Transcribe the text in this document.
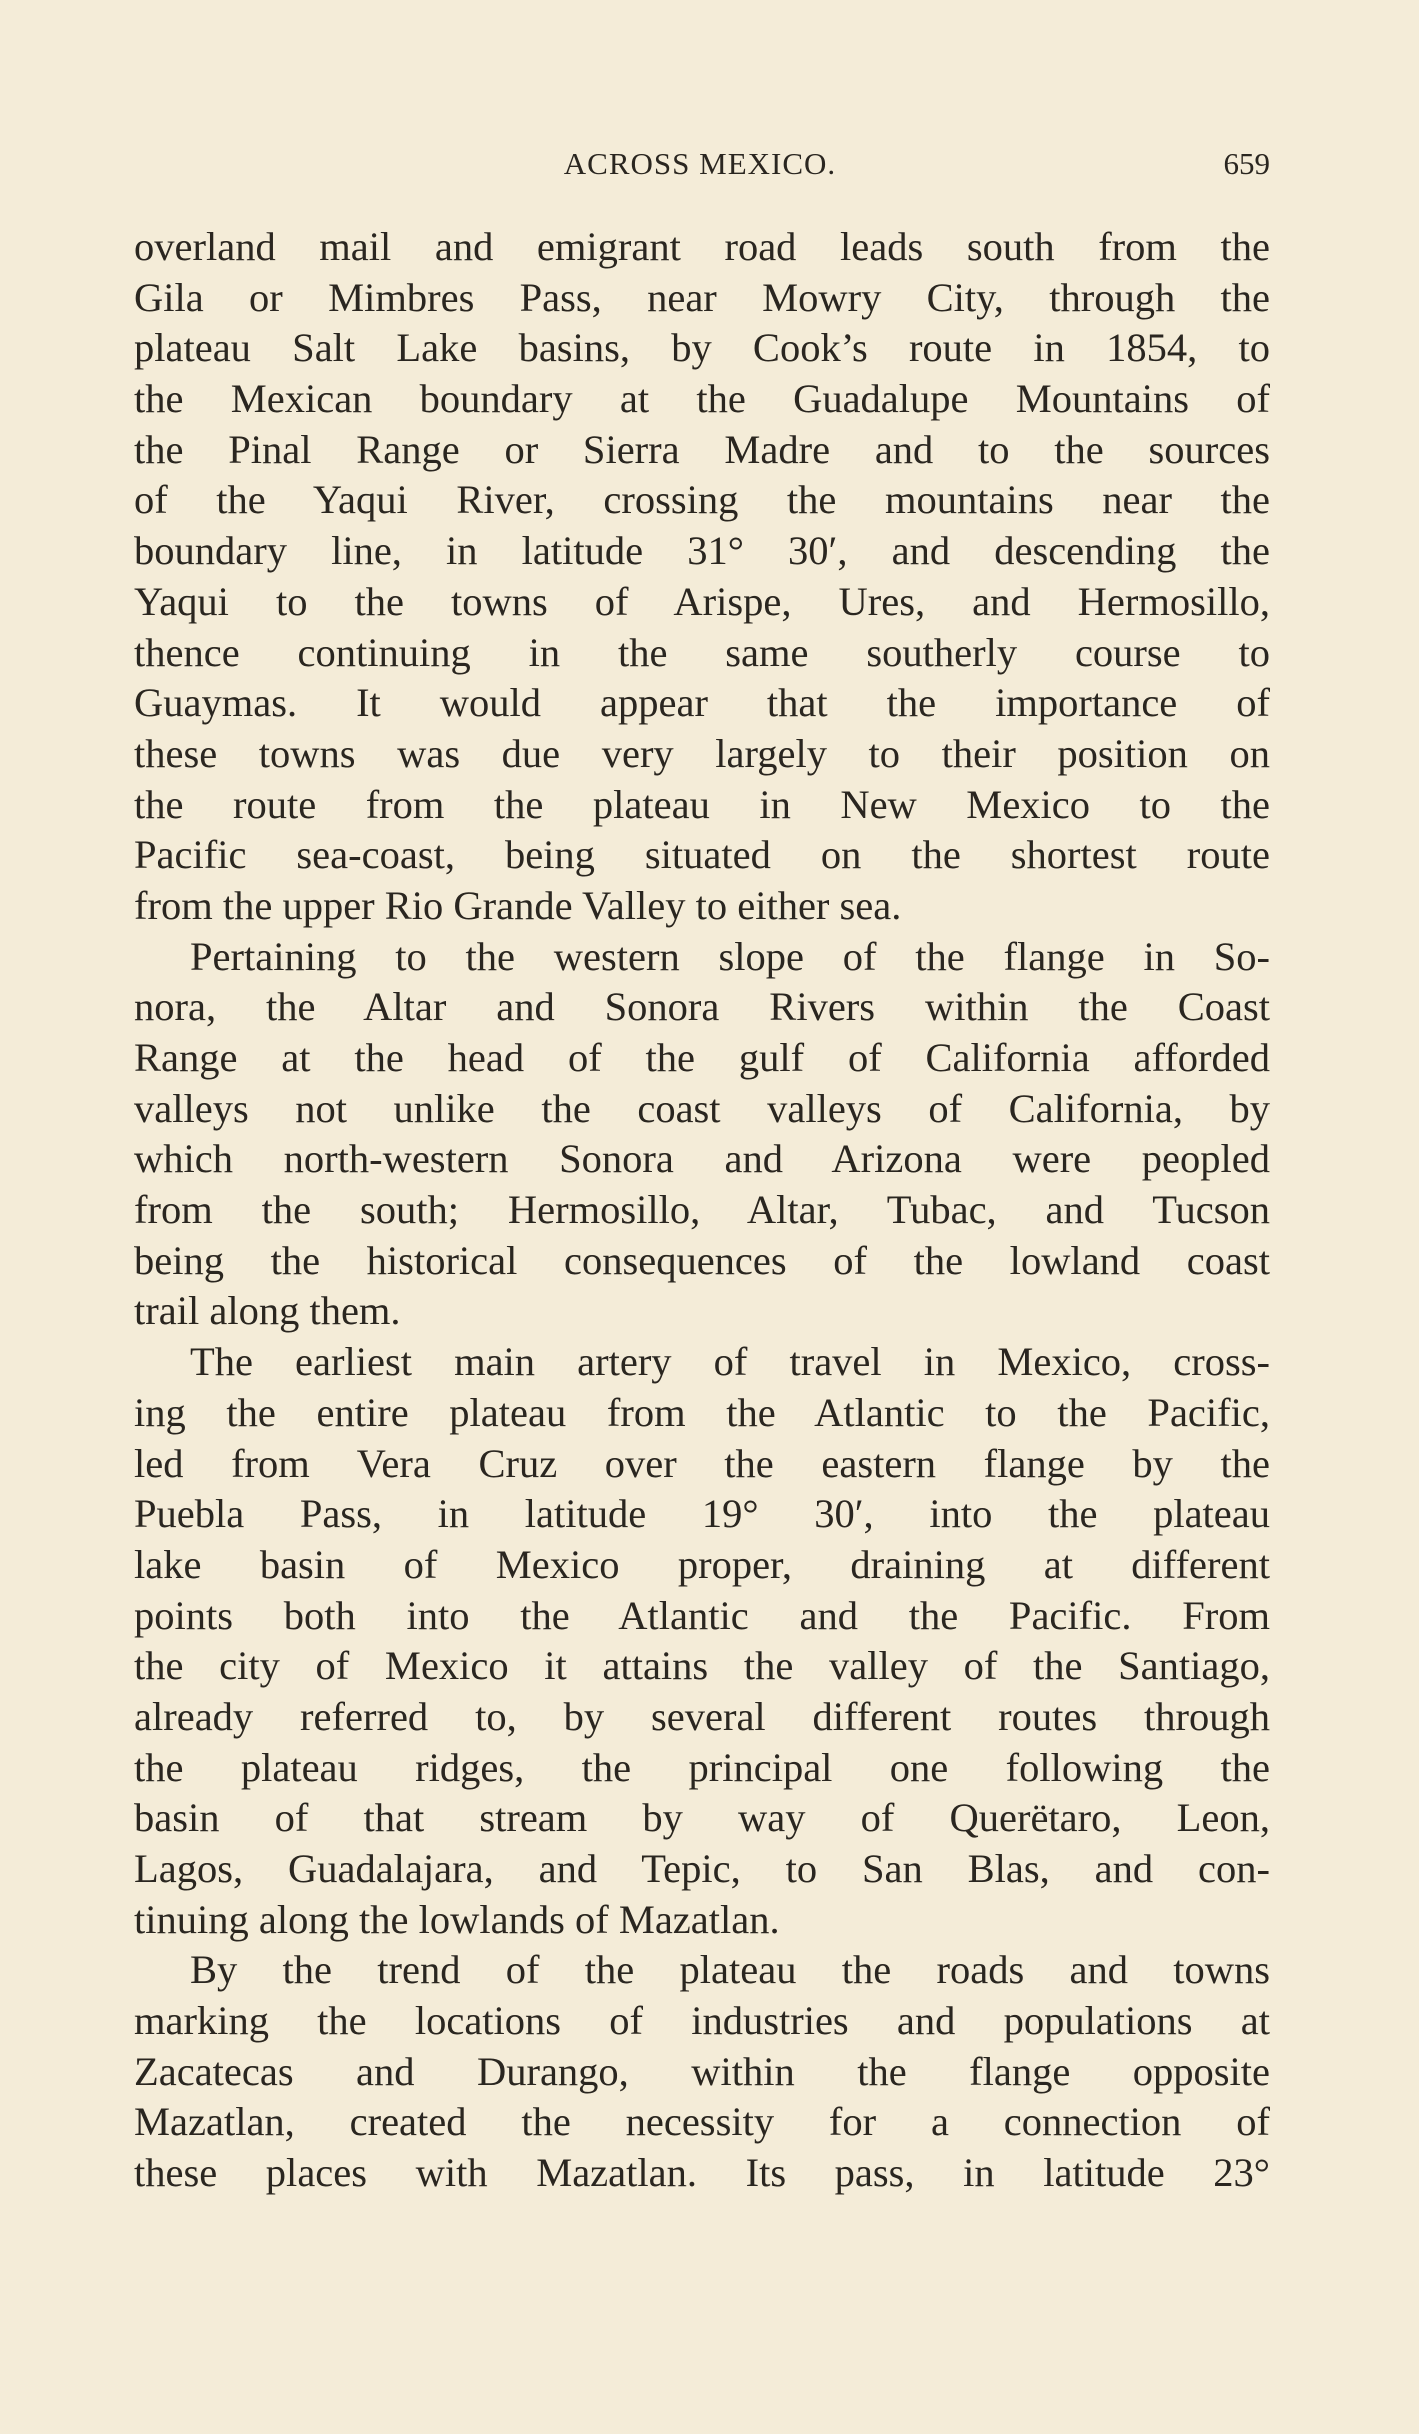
ACROSS MEXICO.	659
overland mail and emigrant road leads south from the
Gila or Mimbres Pass, near Mowry City, through the
plateau Salt Lake basins, by Cook’s route in 1854, to
the Mexican boundary at the Guadalupe Mountains of
the Pinal Range or Sierra Madre and to the sources
of the Yaqui River, crossing the mountains near the
boundary line, in latitude 31° 30′, and descending the
Yaqui to the towns of Arispe, Ures, and Hermosillo,
thence continuing in the same southerly course to
Guaymas. It would appear that the importance of
these towns was due very largely to their position on
the route from the plateau in New Mexico to the
Pacific sea-coast, being situated on the shortest route
from the upper Rio Grande Valley to either sea.
Pertaining to the western slope of the flange in So-
nora, the Altar and Sonora Rivers within the Coast
Range at the head of the gulf of California afforded
valleys not unlike the coast valleys of California, by
which north-western Sonora and Arizona were peopled
from the south; Hermosillo, Altar, Tubac, and Tucson
being the historical consequences of the lowland coast
trail along them.
The earliest main artery of travel in Mexico, cross-
ing the entire plateau from the Atlantic to the Pacific,
led from Vera Cruz over the eastern flange by the
Puebla Pass, in latitude 19° 30′, into the plateau
lake basin of Mexico proper, draining at different
points both into the Atlantic and the Pacific. From
the city of Mexico it attains the valley of the Santiago,
already referred to, by several different routes through
the plateau ridges, the principal one following the
basin of that stream by way of Querëtaro, Leon,
Lagos, Guadalajara, and Tepic, to San Blas, and con-
tinuing along the lowlands of Mazatlan.
By the trend of the plateau the roads and towns
marking the locations of industries and populations at
Zacatecas and Durango, within the flange opposite
Mazatlan, created the necessity for a connection of
these places with Mazatlan. Its pass, in latitude 23°
